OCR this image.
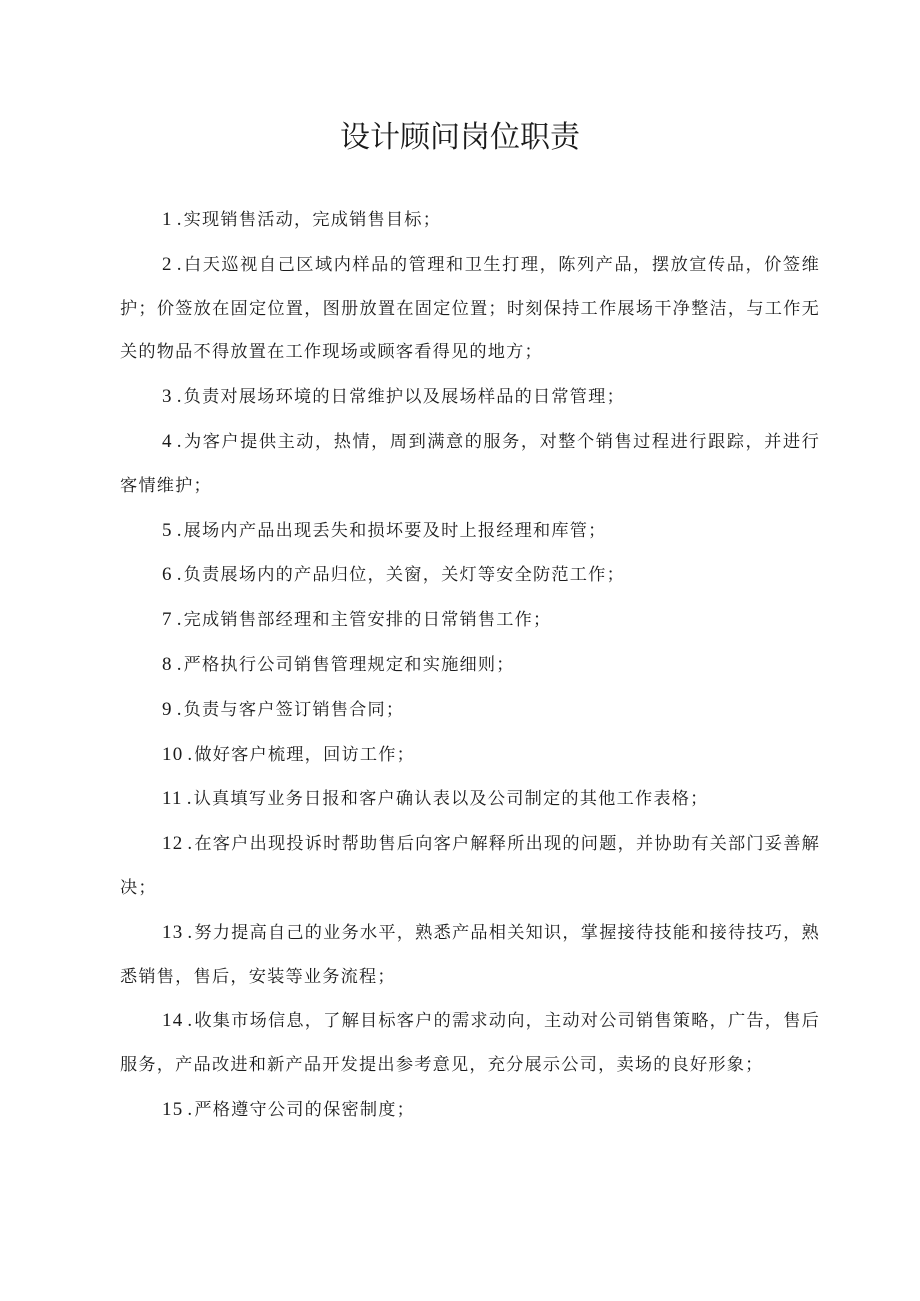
设计顾问岗位职责
1 .实现销售活动，完成销售目标；
2 .白天巡视自己区域内样品的管理和卫生打理，陈列产品，摆放宣传品，价签维护；价签放在固定位置，图册放置在固定位置；时刻保持工作展场干净整洁，与工作无关的物品不得放置在工作现场或顾客看得见的地方；
3 .负责对展场环境的日常维护以及展场样品的日常管理；
4 .为客户提供主动，热情，周到满意的服务，对整个销售过程进行跟踪，并进行客情维护；
5 .展场内产品出现丢失和损坏要及时上报经理和库管；
6 .负责展场内的产品归位，关窗，关灯等安全防范工作；
7 .完成销售部经理和主管安排的日常销售工作；
8 .严格执行公司销售管理规定和实施细则；
9 .负责与客户签订销售合同；
10 .做好客户梳理，回访工作；
11 .认真填写业务日报和客户确认表以及公司制定的其他工作表格；
12 .在客户出现投诉时帮助售后向客户解释所出现的问题，并协助有关部门妥善解决；
13 .努力提高自己的业务水平，熟悉产品相关知识，掌握接待技能和接待技巧，熟悉销售，售后，安装等业务流程；
14 .收集市场信息，了解目标客户的需求动向，主动对公司销售策略，广告，售后服务，产品改进和新产品开发提出参考意见，充分展示公司，卖场的良好形象；
15 .严格遵守公司的保密制度；
